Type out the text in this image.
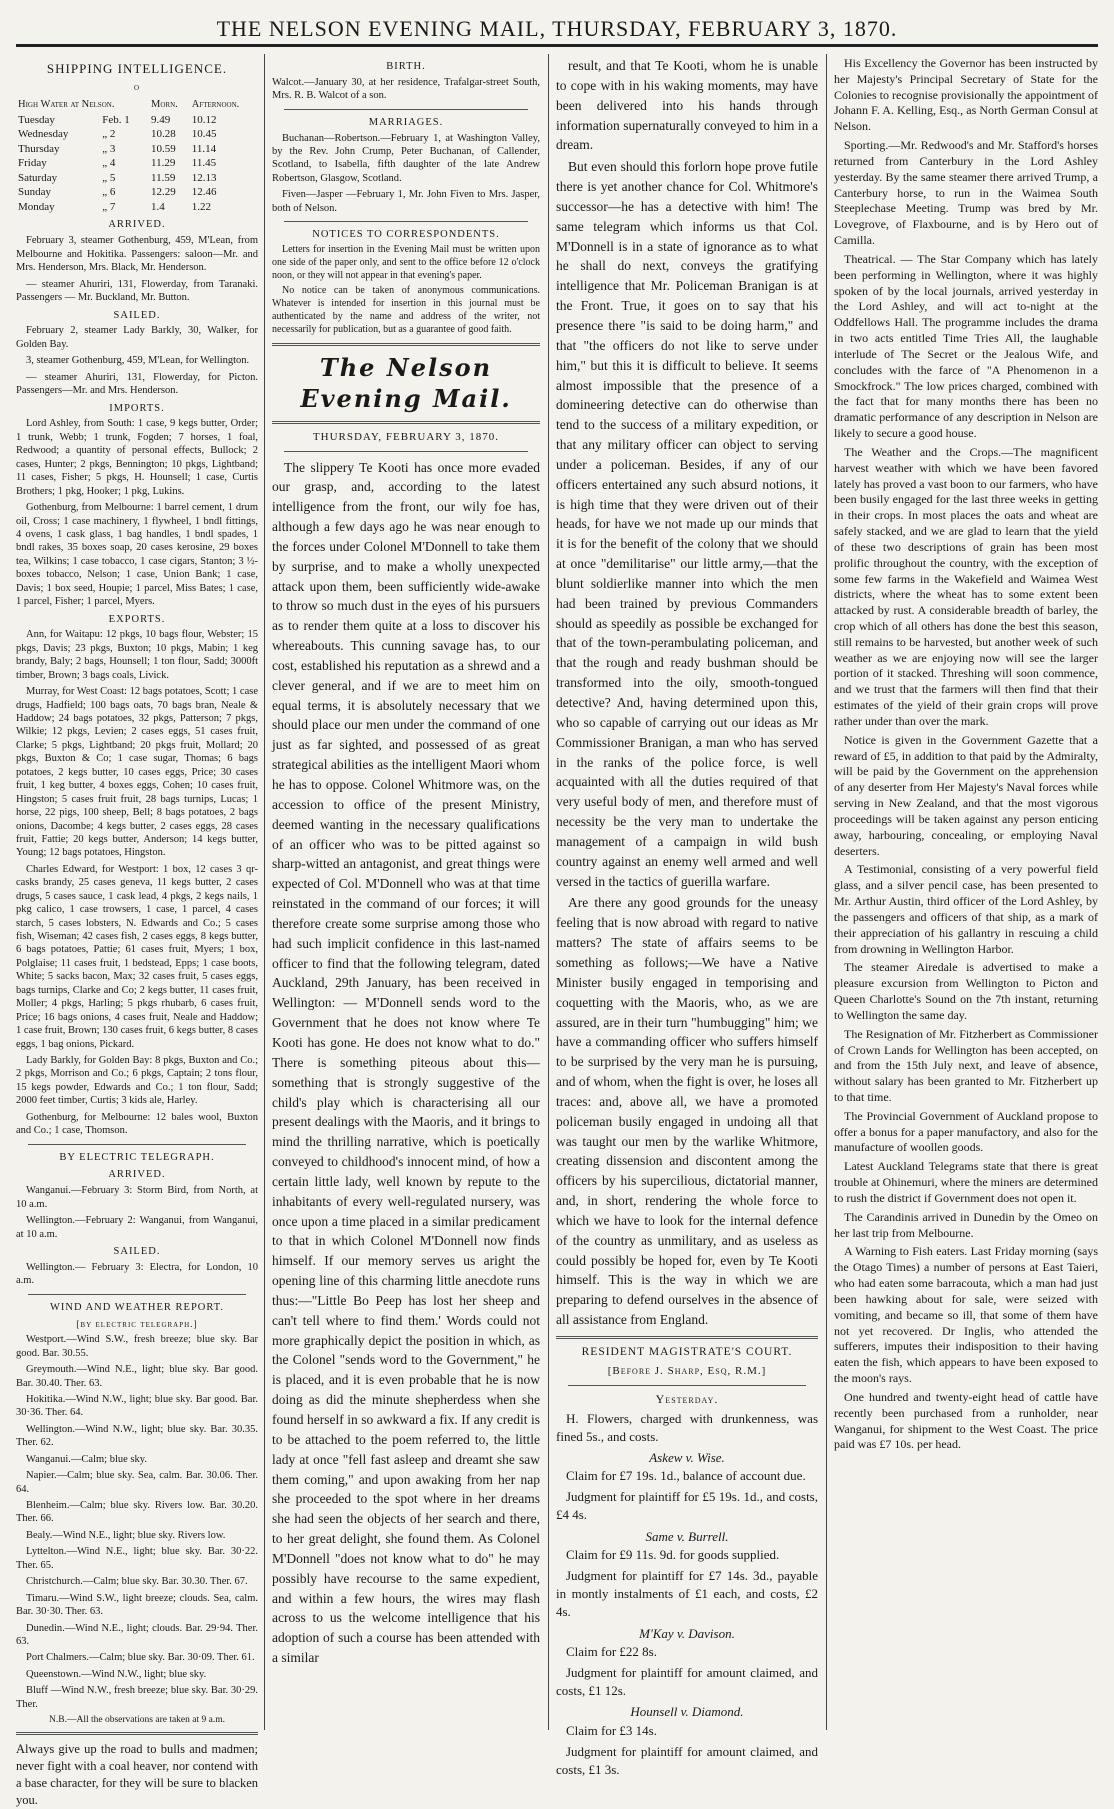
THE NELSON EVENING MAIL, THURSDAY, FEBRUARY 3, 1870.
SHIPPING INTELLIGENCE.
o
High Water at Nelson.		Morn.	Afternoon.
Tuesday	Feb. 1	9.49	10.12
Wednesday	„ 2	10.28	10.45
Thursday	„ 3	10.59	11.14
Friday	„ 4	11.29	11.45
Saturday	„ 5	11.59	12.13
Sunday	„ 6	12.29	12.46
Monday	„ 7	1.4	1.22
ARRIVED.

February 3, steamer Gothenburg, 459, M'Lean, from Melbourne and Hokitika. Passengers: saloon—Mr. and Mrs. Henderson, Mrs. Black, Mr. Henderson.

— steamer Ahuriri, 131, Flowerday, from Taranaki. Passengers — Mr. Buckland, Mr. Button.

SAILED.

February 2, steamer Lady Barkly, 30, Walker, for Golden Bay.

3, steamer Gothenburg, 459, M'Lean, for Wellington.

— steamer Ahuriri, 131, Flowerday, for Picton. Passengers—Mr. and Mrs. Henderson.

IMPORTS.

Lord Ashley, from South: 1 case, 9 kegs butter, Order; 1 trunk, Webb; 1 trunk, Fogden; 7 horses, 1 foal, Redwood; a quantity of personal effects, Bullock; 2 cases, Hunter; 2 pkgs, Bennington; 10 pkgs, Lightband; 11 cases, Fisher; 5 pkgs, H. Hounsell; 1 case, Curtis Brothers; 1 pkg, Hooker; 1 pkg, Lukins.

Gothenburg, from Melbourne: 1 barrel cement, 1 drum oil, Cross; 1 case machinery, 1 flywheel, 1 bndl fittings, 4 ovens, 1 cask glass, 1 bag handles, 1 bndl spades, 1 bndl rakes, 35 boxes soap, 20 cases kerosine, 29 boxes tea, Wilkins; 1 case tobacco, 1 case cigars, Stanton; 3 ½-boxes tobacco, Nelson; 1 case, Union Bank; 1 case, Davis; 1 box seed, Houpie; 1 parcel, Miss Bates; 1 case, 1 parcel, Fisher; 1 parcel, Myers.

EXPORTS.

Ann, for Waitapu: 12 pkgs, 10 bags flour, Webster; 15 pkgs, Davis; 23 pkgs, Buxton; 10 pkgs, Mabin; 1 keg brandy, Baly; 2 bags, Hounsell; 1 ton flour, Sadd; 3000ft timber, Brown; 3 bags coals, Livick.

Murray, for West Coast: 12 bags potatoes, Scott; 1 case drugs, Hadfield; 100 bags oats, 70 bags bran, Neale & Haddow; 24 bags potatoes, 32 pkgs, Patterson; 7 pkgs, Wilkie; 12 pkgs, Levien; 2 cases eggs, 51 cases fruit, Clarke; 5 pkgs, Lightband; 20 pkgs fruit, Mollard; 20 pkgs, Buxton & Co; 1 case sugar, Thomas; 6 bags potatoes, 2 kegs butter, 10 cases eggs, Price; 30 cases fruit, 1 keg butter, 4 boxes eggs, Cohen; 10 cases fruit, Hingston; 5 cases fruit fruit, 28 bags turnips, Lucas; 1 horse, 22 pigs, 100 sheep, Bell; 8 bags potatoes, 2 bags onions, Dacombe; 4 kegs butter, 2 cases eggs, 28 cases fruit, Fattie; 20 kegs butter, Anderson; 14 kegs butter, Young; 12 bags potatoes, Hingston.

Charles Edward, for Westport: 1 box, 12 cases 3 qr-casks brandy, 25 cases geneva, 11 kegs butter, 2 cases drugs, 5 cases sauce, 1 cask lead, 4 pkgs, 2 kegs nails, 1 pkg calico, 1 case trowsers, 1 case, 1 parcel, 4 cases starch, 5 cases lobsters, N. Edwards and Co.; 5 cases fish, Wiseman; 42 cases fish, 2 cases eggs, 8 kegs butter, 6 bags potatoes, Pattie; 61 cases fruit, Myers; 1 box, Polglaise; 11 cases fruit, 1 bedstead, Epps; 1 case boots, White; 5 sacks bacon, Max; 32 cases fruit, 5 cases eggs, bags turnips, Clarke and Co; 2 kegs butter, 11 cases fruit, Moller; 4 pkgs, Harling; 5 pkgs rhubarb, 6 cases fruit, Price; 16 bags onions, 4 cases fruit, Neale and Haddow; 1 case fruit, Brown; 130 cases fruit, 6 kegs butter, 8 cases eggs, 1 bag onions, Pickard.

Lady Barkly, for Golden Bay: 8 pkgs, Buxton and Co.; 2 pkgs, Morrison and Co.; 6 pkgs, Captain; 2 tons flour, 15 kegs powder, Edwards and Co.; 1 ton flour, Sadd; 2000 feet timber, Curtis; 3 kids ale, Harley.

Gothenburg, for Melbourne: 12 bales wool, Buxton and Co.; 1 case, Thomson.

BY ELECTRIC TELEGRAPH.
ARRIVED.

Wanganui.—February 3: Storm Bird, from North, at 10 a.m.

Wellington.—February 2: Wanganui, from Wanganui, at 10 a.m.

SAILED.

Wellington.— February 3: Electra, for London, 10 a.m.

WIND AND WEATHER REPORT.
[by electric telegraph.]

Westport.—Wind S.W., fresh breeze; blue sky. Bar good. Bar. 30.55.

Greymouth.—Wind N.E., light; blue sky. Bar good. Bar. 30.40. Ther. 63.

Hokitika.—Wind N.W., light; blue sky. Bar good. Bar. 30·36. Ther. 64.

Wellington.—Wind N.W., light; blue sky. Bar. 30.35. Ther. 62.

Wanganui.—Calm; blue sky.

Napier.—Calm; blue sky. Sea, calm. Bar. 30.06. Ther. 64.

Blenheim.—Calm; blue sky. Rivers low. Bar. 30.20. Ther. 66.

Bealy.—Wind N.E., light; blue sky. Rivers low.

Lyttelton.—Wind N.E., light; blue sky. Bar. 30·22. Ther. 65.

Christchurch.—Calm; blue sky. Bar. 30.30. Ther. 67.

Timaru.—Wind S.W., light breeze; clouds. Sea, calm. Bar. 30·30. Ther. 63.

Dunedin.—Wind N.E., light; clouds. Bar. 29·94. Ther. 63.

Port Chalmers.—Calm; blue sky. Bar. 30·09. Ther. 61.

Queenstown.—Wind N.W., light; blue sky.

Bluff —Wind N.W., fresh breeze; blue sky. Bar. 30·29. Ther.

N.B.—All the observations are taken at 9 a.m.
Always give up the road to bulls and madmen; never fight with a coal heaver, nor contend with a base character, for they will be sure to blacken you.
BIRTH.
Walcot.—January 30, at her residence, Trafalgar-street South, Mrs. R. B. Walcot of a son.
MARRIAGES.

Buchanan—Robertson.—February 1, at Washington Valley, by the Rev. John Crump, Peter Buchanan, of Callender, Scotland, to Isabella, fifth daughter of the late Andrew Robertson, Glasgow, Scotland.

Fiven—Jasper —February 1, Mr. John Fiven to Mrs. Jasper, both of Nelson.

NOTICES TO CORRESPONDENTS.

Letters for insertion in the Evening Mail must be written upon one side of the paper only, and sent to the office before 12 o'clock noon, or they will not appear in that evening's paper.

No notice can be taken of anonymous communications. Whatever is intended for insertion in this journal must be authenticated by the name and address of the writer, not necessarily for publication, but as a guarantee of good faith.

The Nelson Evening Mail.
THURSDAY, FEBRUARY 3, 1870.

The slippery Te Kooti has once more evaded our grasp, and, according to the latest intelligence from the front, our wily foe has, although a few days ago he was near enough to the forces under Colonel M'Donnell to take them by surprise, and to make a wholly unexpected attack upon them, been sufficiently wide-awake to throw so much dust in the eyes of his pursuers as to render them quite at a loss to discover his whereabouts. This cunning savage has, to our cost, established his reputation as a shrewd and a clever general, and if we are to meet him on equal terms, it is absolutely necessary that we should place our men under the command of one just as far sighted, and possessed of as great strategical abilities as the intelligent Maori whom he has to oppose. Colonel Whitmore was, on the accession to office of the present Ministry, deemed wanting in the necessary qualifications of an officer who was to be pitted against so sharp-witted an antagonist, and great things were expected of Col. M'Donnell who was at that time reinstated in the command of our forces; it will therefore create some surprise among those who had such implicit confidence in this last-named officer to find that the following telegram, dated Auckland, 29th January, has been received in Wellington: — M'Donnell sends word to the Government that he does not know where Te Kooti has gone. He does not know what to do." There is something piteous about this—something that is strongly suggestive of the child's play which is characterising all our present dealings with the Maoris, and it brings to mind the thrilling narrative, which is poetically conveyed to childhood's innocent mind, of how a certain little lady, well known by repute to the inhabitants of every well-regulated nursery, was once upon a time placed in a similar predicament to that in which Colonel M'Donnell now finds himself. If our memory serves us aright the opening line of this charming little anecdote runs thus:—"Little Bo Peep has lost her sheep and can't tell where to find them.' Words could not more graphically depict the position in which, as the Colonel "sends word to the Government," he is placed, and it is even probable that he is now doing as did the minute shepherdess when she found herself in so awkward a fix. If any credit is to be attached to the poem referred to, the little lady at once "fell fast asleep and dreamt she saw them coming," and upon awaking from her nap she proceeded to the spot where in her dreams she had seen the objects of her search and there, to her great delight, she found them. As Colonel M'Donnell "does not know what to do" he may possibly have recourse to the same expedient, and within a few hours, the wires may flash across to us the welcome intelligence that his adoption of such a course has been attended with a similar

result, and that Te Kooti, whom he is unable to cope with in his waking moments, may have been delivered into his hands through information supernaturally conveyed to him in a dream.

But even should this forlorn hope prove futile there is yet another chance for Col. Whitmore's successor—he has a detective with him! The same telegram which informs us that Col. M'Donnell is in a state of ignorance as to what he shall do next, conveys the gratifying intelligence that Mr. Policeman Branigan is at the Front. True, it goes on to say that his presence there "is said to be doing harm," and that "the officers do not like to serve under him," but this it is difficult to believe. It seems almost impossible that the presence of a domineering detective can do otherwise than tend to the success of a military expedition, or that any military officer can object to serving under a policeman. Besides, if any of our officers entertained any such absurd notions, it is high time that they were driven out of their heads, for have we not made up our minds that it is for the benefit of the colony that we should at once "demilitarise" our little army,—that the blunt soldierlike manner into which the men had been trained by previous Commanders should as speedily as possible be exchanged for that of the town-perambulating policeman, and that the rough and ready bushman should be transformed into the oily, smooth-tongued detective? And, having determined upon this, who so capable of carrying out our ideas as Mr Commissioner Branigan, a man who has served in the ranks of the police force, is well acquainted with all the duties required of that very useful body of men, and therefore must of necessity be the very man to undertake the management of a campaign in wild bush country against an enemy well armed and well versed in the tactics of guerilla warfare.

Are there any good grounds for the uneasy feeling that is now abroad with regard to native matters? The state of affairs seems to be something as follows;—We have a Native Minister busily engaged in temporising and coquetting with the Maoris, who, as we are assured, are in their turn "humbugging" him; we have a commanding officer who suffers himself to be surprised by the very man he is pursuing, and of whom, when the fight is over, he loses all traces: and, above all, we have a promoted policeman busily engaged in undoing all that was taught our men by the warlike Whitmore, creating dissension and discontent among the officers by his supercilious, dictatorial manner, and, in short, rendering the whole force to which we have to look for the internal defence of the country as unmilitary, and as useless as could possibly be hoped for, even by Te Kooti himself. This is the way in which we are preparing to defend ourselves in the absence of all assistance from England.

RESIDENT MAGISTRATE'S COURT.
[Before J. Sharp, Esq, R.M.]
Yesterday.

H. Flowers, charged with drunkenness, was fined 5s., and costs.

Askew v. Wise.

Claim for £7 19s. 1d., balance of account due.

Judgment for plaintiff for £5 19s. 1d., and costs, £4 4s.

Same v. Burrell.

Claim for £9 11s. 9d. for goods supplied.

Judgment for plaintiff for £7 14s. 3d., payable in montly instalments of £1 each, and costs, £2 4s.

M'Kay v. Davison.

Claim for £22 8s.

Judgment for plaintiff for amount claimed, and costs, £1 12s.

Hounsell v. Diamond.

Claim for £3 14s.

Judgment for plaintiff for amount claimed, and costs, £1 3s.

His Excellency the Governor has been instructed by her Majesty's Principal Secretary of State for the Colonies to recognise provisionally the appointment of Johann F. A. Kelling, Esq., as North German Consul at Nelson.

Sporting.—Mr. Redwood's and Mr. Stafford's horses returned from Canterbury in the Lord Ashley yesterday. By the same steamer there arrived Trump, a Canterbury horse, to run in the Waimea South Steeplechase Meeting. Trump was bred by Mr. Lovegrove, of Flaxbourne, and is by Hero out of Camilla.

Theatrical. — The Star Company which has lately been performing in Wellington, where it was highly spoken of by the local journals, arrived yesterday in the Lord Ashley, and will act to-night at the Oddfellows Hall. The programme includes the drama in two acts entitled Time Tries All, the laughable interlude of The Secret or the Jealous Wife, and concludes with the farce of "A Phenomenon in a Smockfrock." The low prices charged, combined with the fact that for many months there has been no dramatic performance of any description in Nelson are likely to secure a good house.

The Weather and the Crops.—The magnificent harvest weather with which we have been favored lately has proved a vast boon to our farmers, who have been busily engaged for the last three weeks in getting in their crops. In most places the oats and wheat are safely stacked, and we are glad to learn that the yield of these two descriptions of grain has been most prolific throughout the country, with the exception of some few farms in the Wakefield and Waimea West districts, where the wheat has to some extent been attacked by rust. A considerable breadth of barley, the crop which of all others has done the best this season, still remains to be harvested, but another week of such weather as we are enjoying now will see the larger portion of it stacked. Threshing will soon commence, and we trust that the farmers will then find that their estimates of the yield of their grain crops will prove rather under than over the mark.

Notice is given in the Government Gazette that a reward of £5, in addition to that paid by the Admiralty, will be paid by the Government on the apprehension of any deserter from Her Majesty's Naval forces while serving in New Zealand, and that the most vigorous proceedings will be taken against any person enticing away, harbouring, concealing, or employing Naval deserters.

A Testimonial, consisting of a very powerful field glass, and a silver pencil case, has been presented to Mr. Arthur Austin, third officer of the Lord Ashley, by the passengers and officers of that ship, as a mark of their appreciation of his gallantry in rescuing a child from drowning in Wellington Harbor.

The steamer Airedale is advertised to make a pleasure excursion from Wellington to Picton and Queen Charlotte's Sound on the 7th instant, returning to Wellington the same day.

The Resignation of Mr. Fitzherbert as Commissioner of Crown Lands for Wellington has been accepted, on and from the 15th July next, and leave of absence, without salary has been granted to Mr. Fitzherbert up to that time.

The Provincial Government of Auckland propose to offer a bonus for a paper manufactory, and also for the manufacture of woollen goods.

Latest Auckland Telegrams state that there is great trouble at Ohinemuri, where the miners are determined to rush the district if Government does not open it.

The Carandinis arrived in Dunedin by the Omeo on her last trip from Melbourne.

A Warning to Fish eaters. Last Friday morning (says the Otago Times) a number of persons at East Taieri, who had eaten some barracouta, which a man had just been hawking about for sale, were seized with vomiting, and became so ill, that some of them have not yet recovered. Dr Inglis, who attended the sufferers, imputes their indisposition to their having eaten the fish, which appears to have been exposed to the moon's rays.

One hundred and twenty-eight head of cattle have recently been purchased from a runholder, near Wanganui, for shipment to the West Coast. The price paid was £7 10s. per head.
